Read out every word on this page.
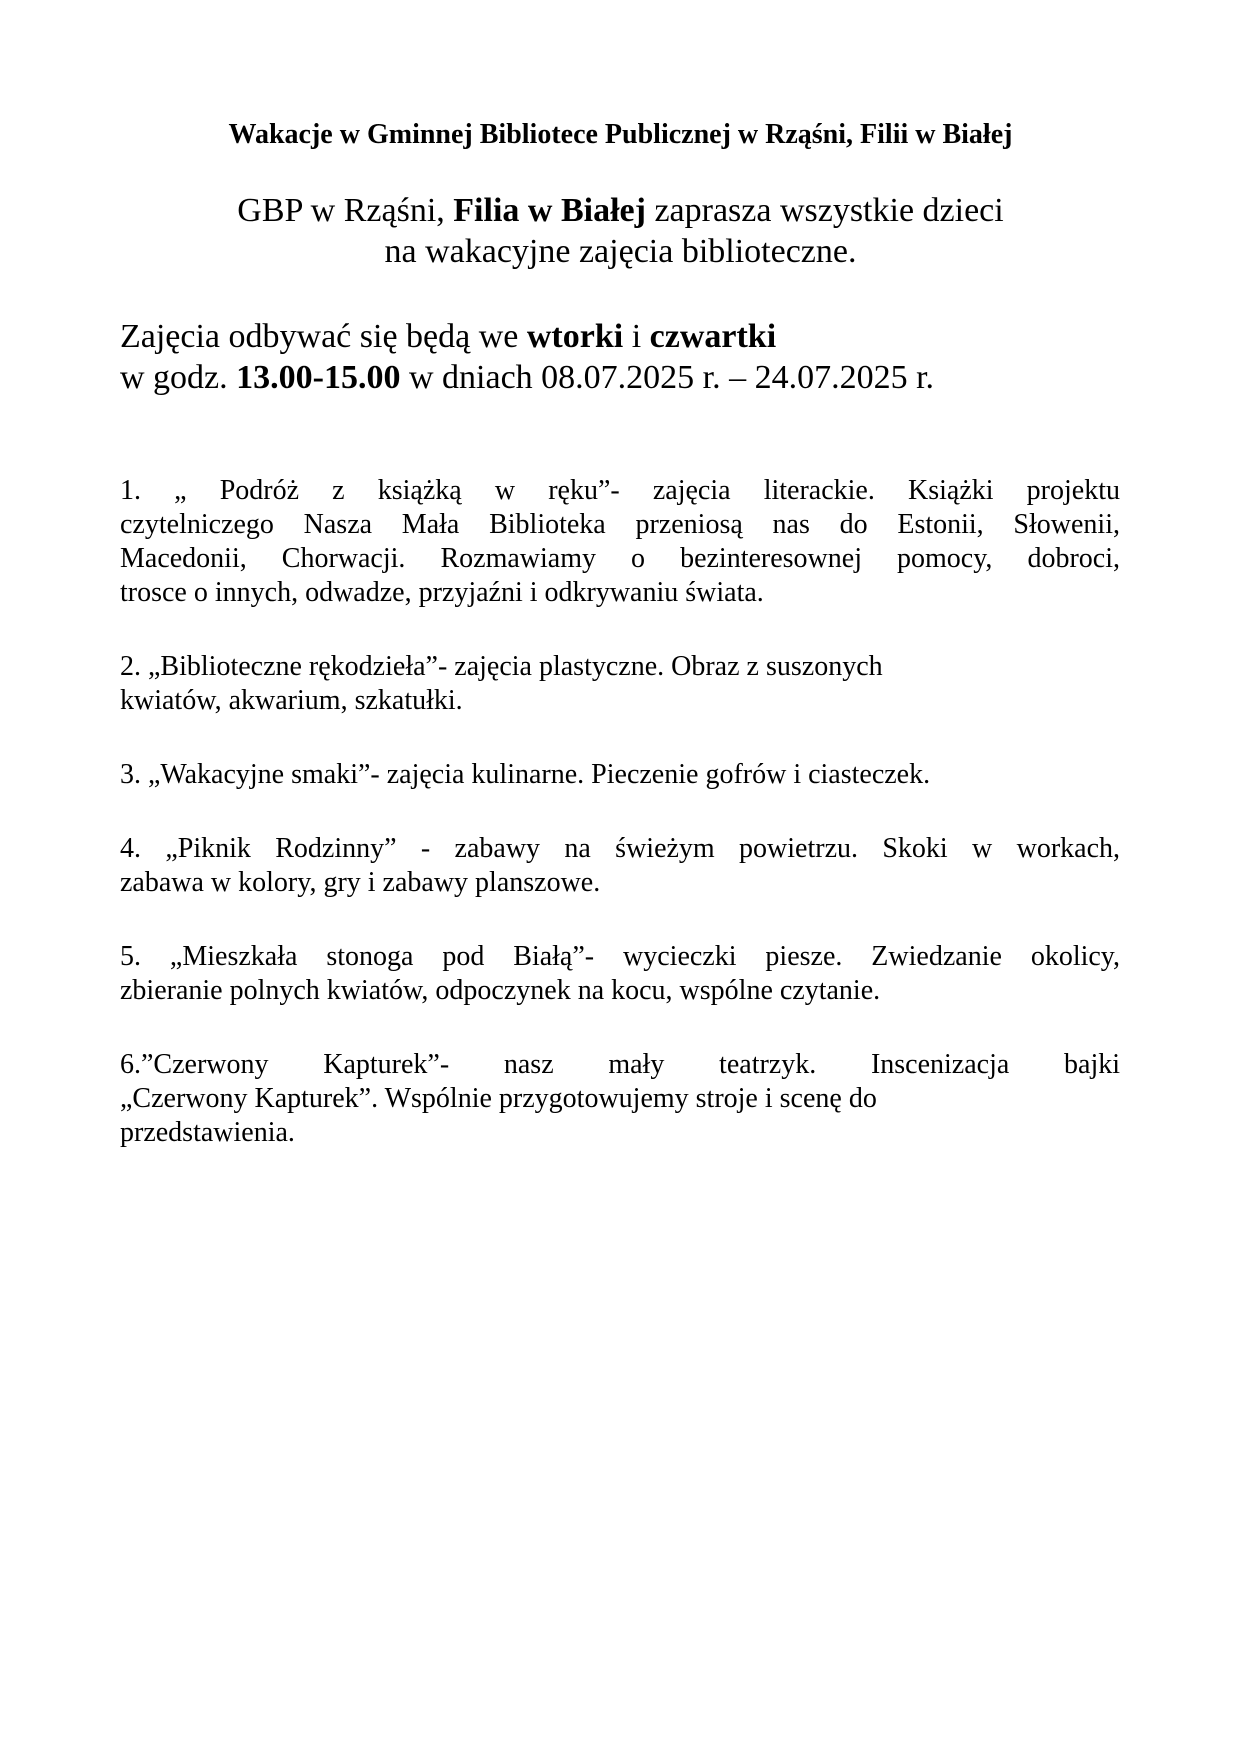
Wakacje w Gminnej Bibliotece Publicznej w Rząśni, Filii w Białej
GBP w Rząśni, Filia w Białej zaprasza wszystkie dzieci
na wakacyjne zajęcia biblioteczne.
Zajęcia odbywać się będą we wtorki i czwartki
w godz. 13.00-15.00 w dniach 08.07.2025 r. – 24.07.2025 r.
1. „ Podróż z książką w ręku”- zajęcia literackie. Książki projektu
czytelniczego Nasza Mała Biblioteka przeniosą nas do Estonii, Słowenii,
Macedonii, Chorwacji. Rozmawiamy o bezinteresownej pomocy, dobroci,
trosce o innych, odwadze, przyjaźni i odkrywaniu świata.
2. „Biblioteczne rękodzieła”- zajęcia plastyczne. Obraz z suszonych
kwiatów, akwarium, szkatułki.
3. „Wakacyjne smaki”- zajęcia kulinarne. Pieczenie gofrów i ciasteczek.
4. „Piknik Rodzinny” - zabawy na świeżym powietrzu. Skoki w workach,
zabawa w kolory, gry i zabawy planszowe.
5. „Mieszkała stonoga pod Białą”- wycieczki piesze. Zwiedzanie okolicy,
zbieranie polnych kwiatów, odpoczynek na kocu, wspólne czytanie.
6.”Czerwony Kapturek”- nasz mały teatrzyk. Inscenizacja bajki
„Czerwony Kapturek”. Wspólnie przygotowujemy stroje i scenę do
przedstawienia.
